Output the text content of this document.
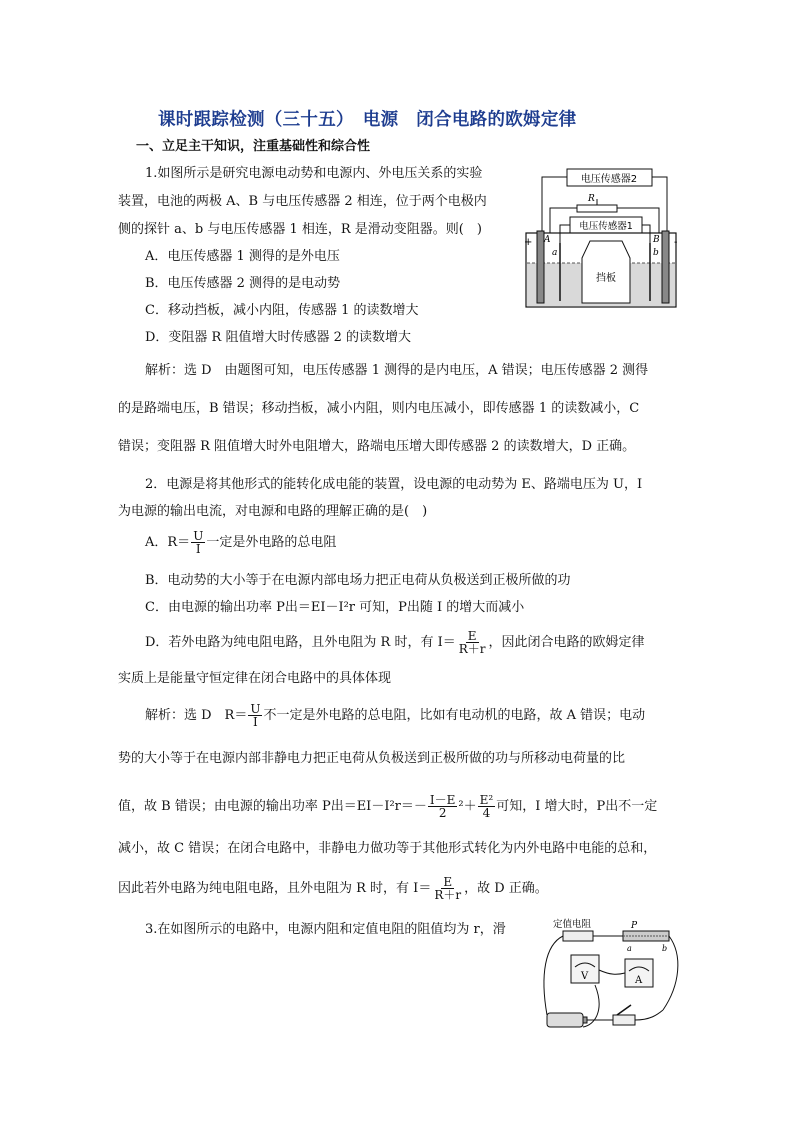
课时跟踪检测（三十五）　电源　闭合电路的欧姆定律
一、立足主干知识，注重基础性和综合性
1.如图所示是研究电源电动势和电源内、外电压关系的实验
装置，电池的两极 A、B 与电压传感器 2 相连，位于两个电极内
侧的探针 a、b 与电压传感器 1 相连，R 是滑动变阻器。则(　)
A．电压传感器 1 测得的是外电压
B．电压传感器 2 测得的是电动势
C．移动挡板，减小内阻，传感器 1 的读数增大
D．变阻器 R 阻值增大时传感器 2 的读数增大
电压传感器2
R
电压传感器1
挡板
+	-
A	B
a	b
解析：选 D　由题图可知，电压传感器 1 测得的是内电压，A 错误；电压传感器 2 测得
的是路端电压，B 错误；移动挡板，减小内阻，则内电压减小，即传感器 1 的读数减小，C
错误；变阻器 R 阻值增大时外电阻增大，路端电压增大即传感器 2 的读数增大，D 正确。
2．电源是将其他形式的能转化成电能的装置，设电源的电动势为 E、路端电压为 U，I
为电源的输出电流，对电源和电路的理解正确的是(　)
A．$R= \frac{U}{I}$ 一定是外电路的总电阻
B．电动势的大小等于在电源内部电场力把正电荷从负极送到正极所做的功
C．由电源的输出功率 P出＝EI－I²r 可知，P出随 I 的增大而减小
D．若外电路为纯电阻电路，且外电阻为 R 时，有 $I= \frac{E}{R+r}$ ，因此闭合电路的欧姆定律
实质上是能量守恒定律在闭合电路中的具体体现
解析：选 D　$R= \frac{U}{I}$ 不一定是外电路的总电阻，比如有电动机的电路，故 A 错误；电动
势的大小等于在电源内部非静电力把正电荷从负极送到正极所做的功与所移动电荷量的比
值，故 B 错误；由电源的输出功率 P出$=EI-I^2r=- \frac{I-E}{2} ^2+ \frac{\text{E²}}{4}$ 可知，I 增大时，P出不一定
减小，故 C 错误；在闭合电路中，非静电力做功等于其他形式转化为内外电路中电能的总和，
因此若外电路为纯电阻电路，且外电阻为 R 时，有 $I= \frac{E}{R+r}$ ，故 D 正确。
3.在如图所示的电路中，电源内阻和定值电阻的阻值均为 r，滑	定值电阻	P
a	b
V	A
